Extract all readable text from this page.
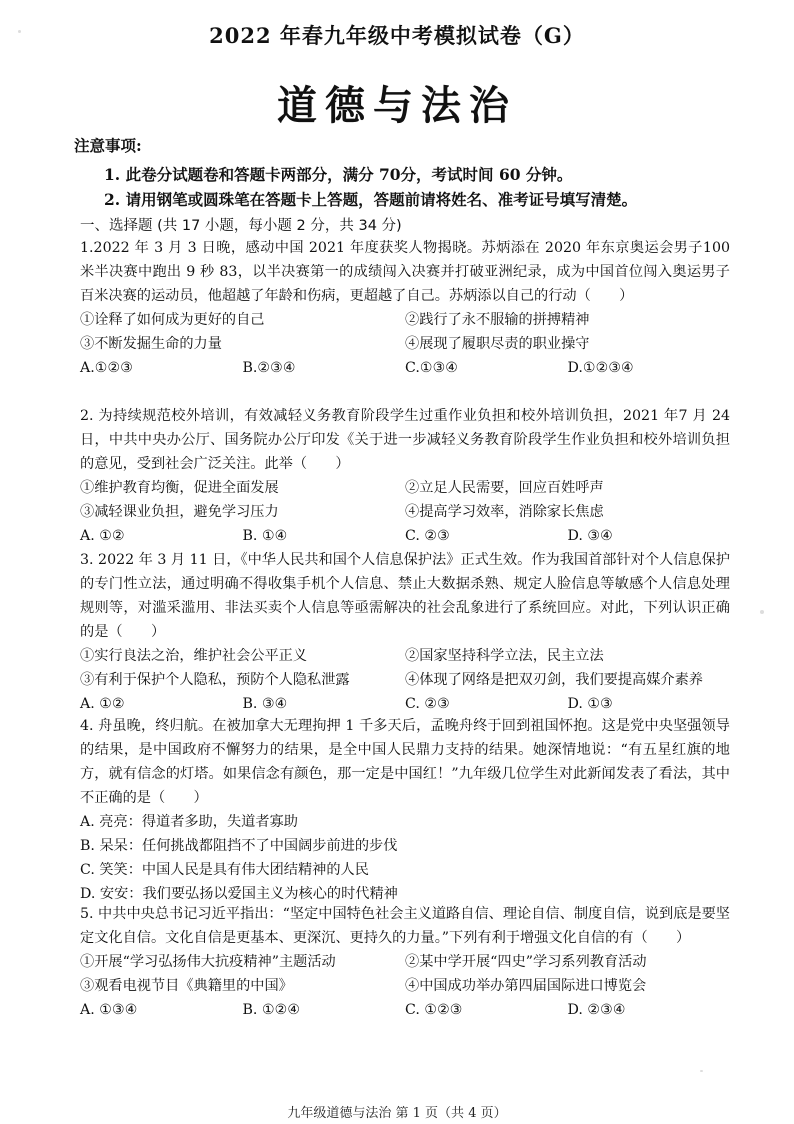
2022 年春九年级中考模拟试卷（G）
道德与法治
注意事项:
1. 此卷分试题卷和答题卡两部分，满分 70分，考试时间 60 分钟。
2. 请用钢笔或圆珠笔在答题卡上答题，答题前请将姓名、准考证号填写清楚。
一、选择题 (共 17 小题，每小题 2 分，共 34 分)
1.2022 年 3 月 3 日晚，感动中国 2021 年度获奖人物揭晓。苏炳添在 2020 年东京奥运会男子100 米半决赛中跑出 9 秒 83，以半决赛第一的成绩闯入决赛并打破亚洲纪录，成为中国首位闯入奥运男子百米决赛的运动员，他超越了年龄和伤病，更超越了自己。苏炳添以自己的行动（　　）
①诠释了如何成为更好的自己	②践行了永不服输的拼搏精神
③不断发掘生命的力量	④展现了履职尽责的职业操守
A.①②③	B.②③④	C.①③④	D.①②③④
2. 为持续规范校外培训，有效减轻义务教育阶段学生过重作业负担和校外培训负担，2021 年7 月 24 日，中共中央办公厅、国务院办公厅印发《关于进一步减轻义务教育阶段学生作业负担和校外培训负担的意见，受到社会广泛关注。此举（　　）
①维护教育均衡，促进全面发展	②立足人民需要，回应百姓呼声
③减轻课业负担，避免学习压力	④提高学习效率，消除家长焦虑
A. ①②	B. ①④	C. ②③	D. ③④
3. 2022 年 3 月 11 日，《中华人民共和国个人信息保护法》正式生效。作为我国首部针对个人信息保护的专门性立法，通过明确不得收集手机个人信息、禁止大数据杀熟、规定人脸信息等敏感个人信息处理规则等，对滥采滥用、非法买卖个人信息等亟需解决的社会乱象进行了系统回应。对此，下列认识正确的是（　　）
①实行良法之治，维护社会公平正义	②国家坚持科学立法，民主立法
③有利于保护个人隐私，预防个人隐私泄露	④体现了网络是把双刃剑，我们要提高媒介素养
A. ①②	B. ③④	C. ②③	D. ①③
4. 舟虽晚，终归航。在被加拿大无理拘押 1 千多天后，孟晚舟终于回到祖国怀抱。这是党中央坚强领导的结果，是中国政府不懈努力的结果，是全中国人民鼎力支持的结果。她深情地说：“有五星红旗的地方，就有信念的灯塔。如果信念有颜色，那一定是中国红！”九年级几位学生对此新闻发表了看法，其中不正确的是（　　）
A. 亮亮：得道者多助，失道者寡助
B. 呆呆：任何挑战都阻挡不了中国阔步前进的步伐
C. 笑笑：中国人民是具有伟大团结精神的人民
D. 安安：我们要弘扬以爱国主义为核心的时代精神
5. 中共中央总书记习近平指出：“坚定中国特色社会主义道路自信、理论自信、制度自信，说到底是要坚定文化自信。文化自信是更基本、更深沉、更持久的力量。”下列有利于增强文化自信的有（　　）
①开展“学习弘扬伟大抗疫精神”主题活动	②某中学开展“四史”学习系列教育活动
③观看电视节目《典籍里的中国》	④中国成功举办第四届国际进口博览会
A. ①③④	B. ①②④	C. ①②③	D. ②③④
九年级道德与法治 第 1 页（共 4 页）
